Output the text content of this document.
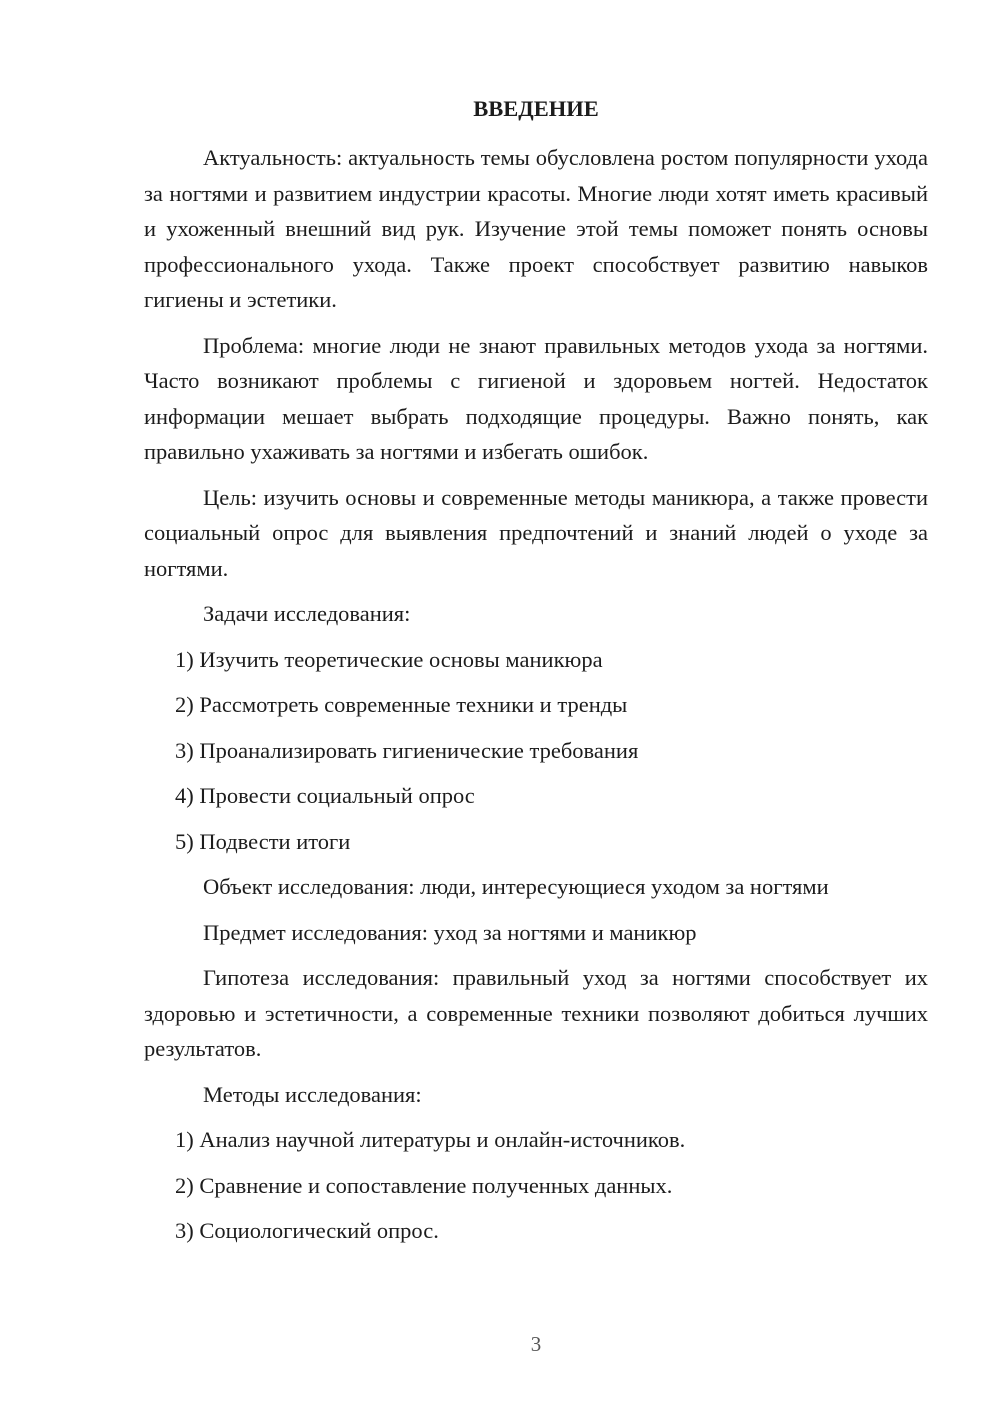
ВВЕДЕНИЕ

Актуальность: актуальность темы обусловлена ростом популярности ухода за ногтями и развитием индустрии красоты. Многие люди хотят иметь красивый и ухоженный внешний вид рук. Изучение этой темы поможет понять основы профессионального ухода. Также проект способствует развитию навыков гигиены и эстетики.

Проблема: многие люди не знают правильных методов ухода за ногтями. Часто возникают проблемы с гигиеной и здоровьем ногтей. Недостаток информации мешает выбрать подходящие процедуры. Важно понять, как правильно ухаживать за ногтями и избегать ошибок.

Цель: изучить основы и современные методы маникюра, а также провести социальный опрос для выявления предпочтений и знаний людей о уходе за ногтями.

Задачи исследования:
1) Изучить теоретические основы маникюра
2) Рассмотреть современные техники и тренды
3) Проанализировать гигиенические требования
4) Провести социальный опрос
5) Подвести итоги
Объект исследования: люди, интересующиеся уходом за ногтями
Предмет исследования: уход за ногтями и маникюр

Гипотеза исследования: правильный уход за ногтями способствует их здоровью и эстетичности, а современные техники позволяют добиться лучших результатов.

Методы исследования:
1) Анализ научной литературы и онлайн-источников.
2) Сравнение и сопоставление полученных данных.
3) Социологический опрос.
3
